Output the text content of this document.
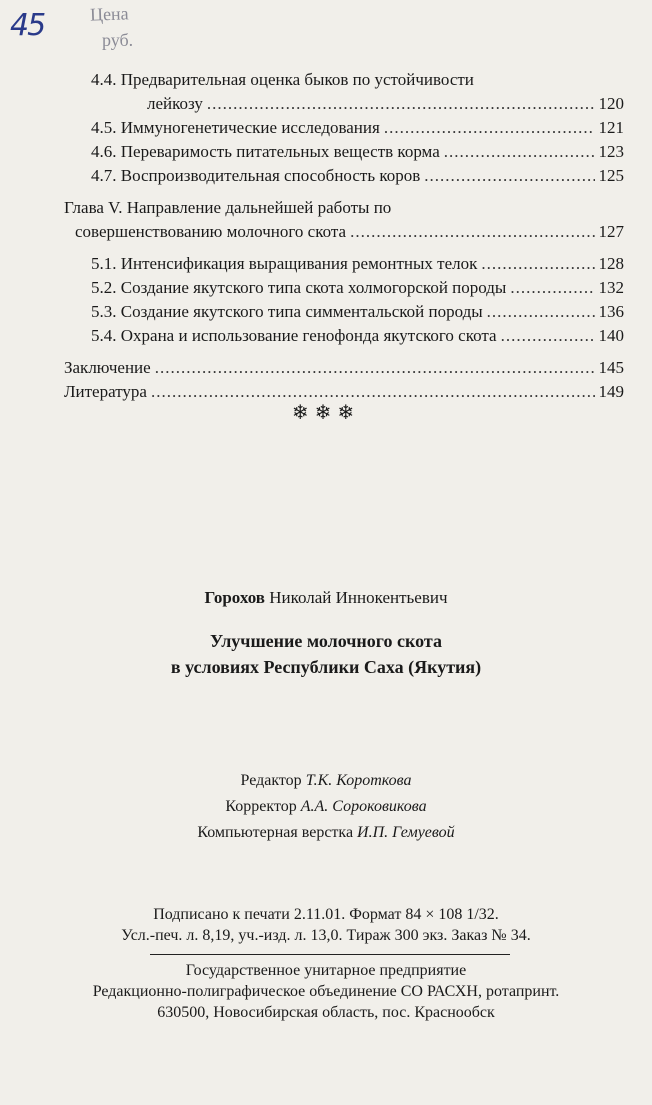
45	Цена
руб.
4.4. Предварительная оценка быков по устойчивости
лейкозу .....	120
4.5. Иммуногенетические исследования .....	121
4.6. Переваримость питательных веществ корма .....	123
4.7. Воспроизводительная способность коров .....	125
Глава V. Направление дальнейшей работы по
совершенствованию молочного скота .....	127
5.1. Интенсификация выращивания ремонтных телок .....	128
5.2. Создание якутского типа скота холмогорской породы .....	132
5.3. Создание якутского типа симментальской породы .....	136
5.4. Охрана и использование генофонда якутского скота .....	140
Заключение .....	145
Литература .....	149
❄❄❄
Горохов Николай Иннокентьевич
Улучшение молочного скота
в условиях Республики Саха (Якутия)
Редактор Т.К. Короткова
Корректор А.А. Сороковикова
Компьютерная верстка И.П. Гемуевой
Подписано к печати 2.11.01. Формат 84 × 108 1/32.
Усл.-печ. л. 8,19, уч.-изд. л. 13,0. Тираж 300 экз. Заказ № 34.
Государственное унитарное предприятие
Редакционно-полиграфическое объединение СО РАСХН, ротапринт.
630500, Новосибирская область, пос. Краснообск
